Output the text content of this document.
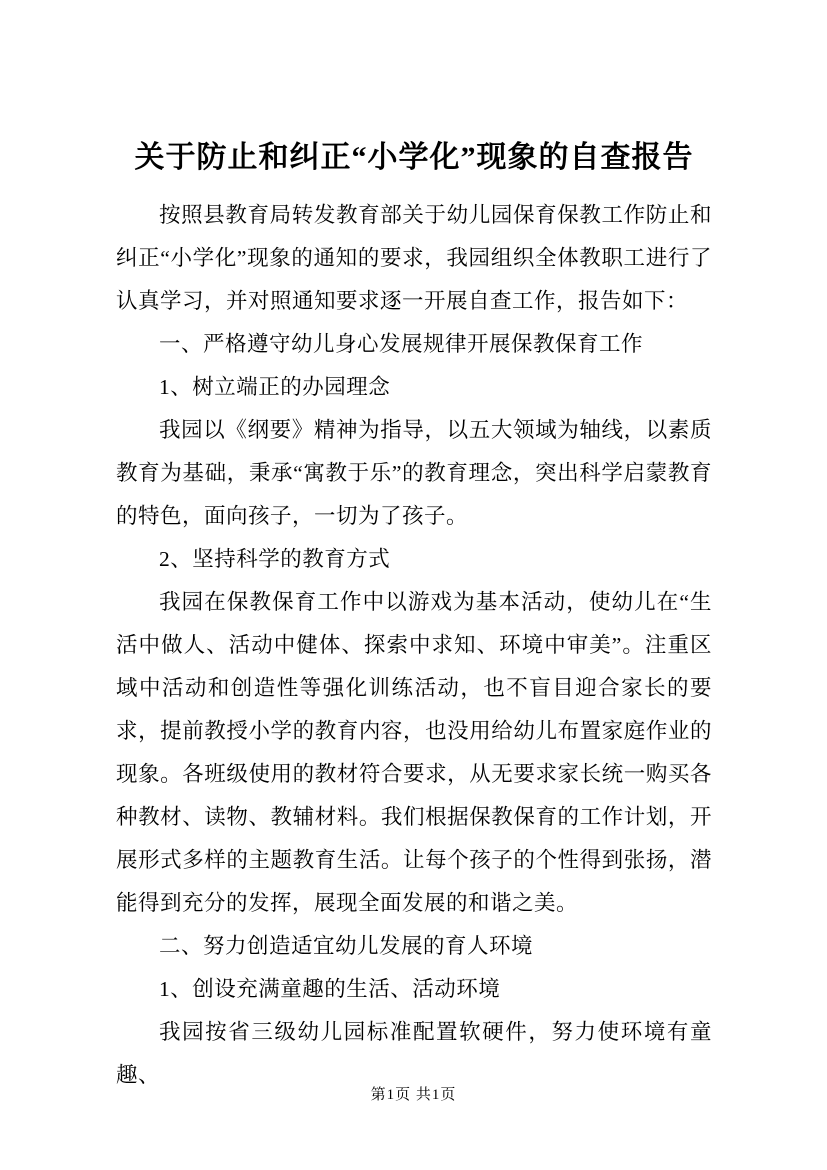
关于防止和纠正“小学化”现象的自查报告

按照县教育局转发教育部关于幼儿园保育保教工作防止和纠正“小学化”现象的通知的要求，我园组织全体教职工进行了认真学习，并对照通知要求逐一开展自查工作，报告如下：

一、严格遵守幼儿身心发展规律开展保教保育工作

1、树立端正的办园理念

我园以《纲要》精神为指导，以五大领域为轴线，以素质教育为基础，秉承“寓教于乐”的教育理念，突出科学启蒙教育的特色，面向孩子，一切为了孩子。

2、坚持科学的教育方式

我园在保教保育工作中以游戏为基本活动，使幼儿在“生活中做人、活动中健体、探索中求知、环境中审美”。注重区域中活动和创造性等强化训练活动，也不盲目迎合家长的要求，提前教授小学的教育内容，也没用给幼儿布置家庭作业的现象。各班级使用的教材符合要求，从无要求家长统一购买各种教材、读物、教辅材料。我们根据保教保育的工作计划，开展形式多样的主题教育生活。让每个孩子的个性得到张扬，潜能得到充分的发挥，展现全面发展的和谐之美。

二、努力创造适宜幼儿发展的育人环境

1、创设充满童趣的生活、活动环境

我园按省三级幼儿园标准配置软硬件，努力使环境有童趣、

第1页 共1页
